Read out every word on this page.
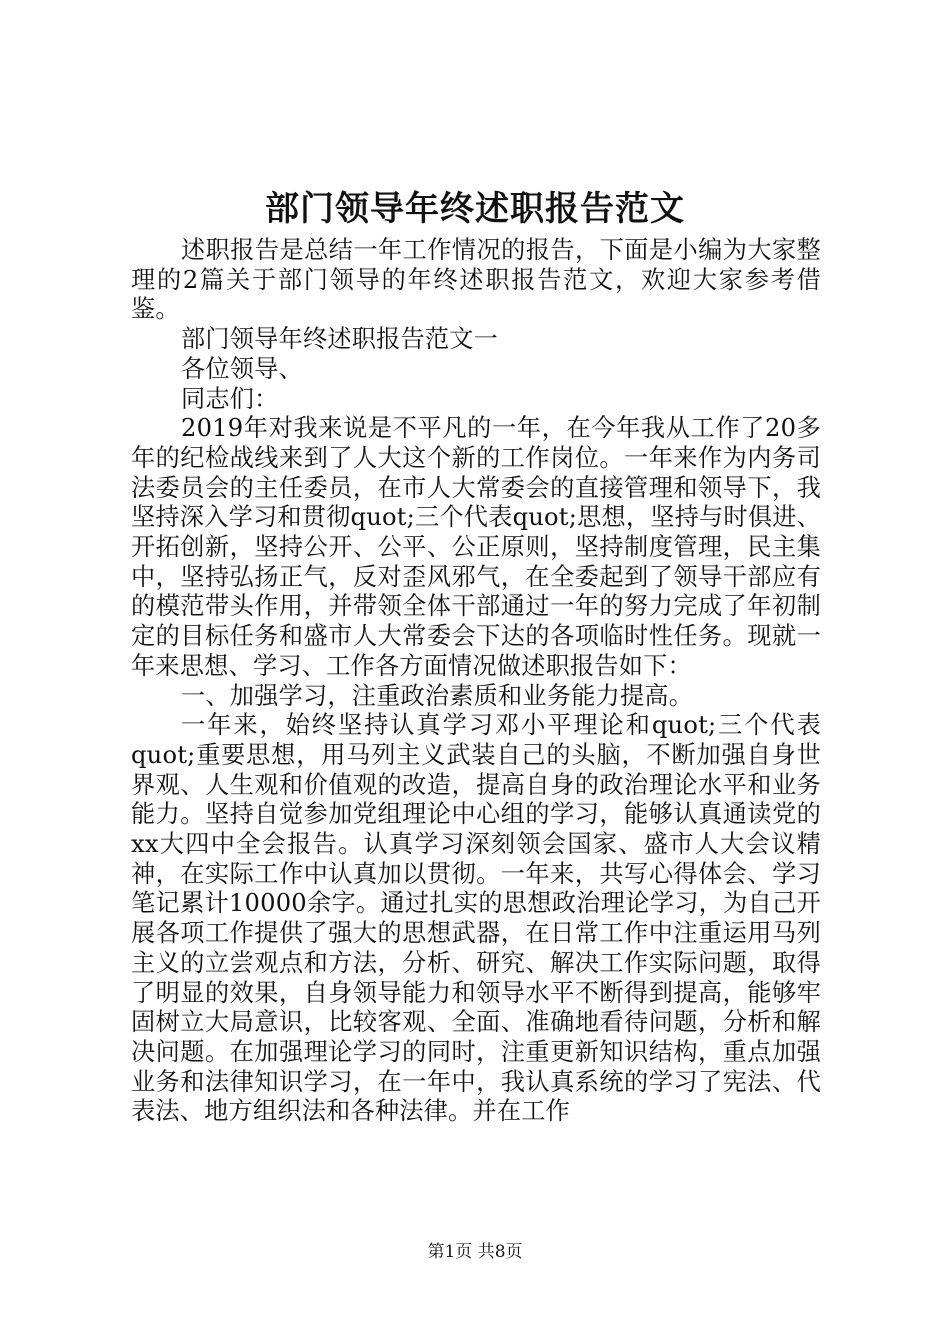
部门领导年终述职报告范文

述职报告是总结一年工作情况的报告，下面是小编为大家整理的2篇关于部门领导的年终述职报告范文，欢迎大家参考借鉴。

部门领导年终述职报告范文一

各位领导、

同志们：

2019年对我来说是不平凡的一年，在今年我从工作了20多年的纪检战线来到了人大这个新的工作岗位。一年来作为内务司法委员会的主任委员，在市人大常委会的直接管理和领导下，我坚持深入学习和贯彻quot;三个代表quot;思想，坚持与时俱进、开拓创新，坚持公开、公平、公正原则，坚持制度管理，民主集中，坚持弘扬正气，反对歪风邪气，在全委起到了领导干部应有的模范带头作用，并带领全体干部通过一年的努力完成了年初制定的目标任务和盛市人大常委会下达的各项临时性任务。现就一年来思想、学习、工作各方面情况做述职报告如下：

一、加强学习，注重政治素质和业务能力提高。

一年来，始终坚持认真学习邓小平理论和quot;三个代表quot;重要思想，用马列主义武装自己的头脑，不断加强自身世界观、人生观和价值观的改造，提高自身的政治理论水平和业务能力。坚持自觉参加党组理论中心组的学习，能够认真通读党的xx大四中全会报告。认真学习深刻领会国家、盛市人大会议精神，在实际工作中认真加以贯彻。一年来，共写心得体会、学习笔记累计10000余字。通过扎实的思想政治理论学习，为自己开展各项工作提供了强大的思想武器，在日常工作中注重运用马列主义的立尝观点和方法，分析、研究、解决工作实际问题，取得了明显的效果，自身领导能力和领导水平不断得到提高，能够牢固树立大局意识，比较客观、全面、准确地看待问题，分析和解决问题。在加强理论学习的同时，注重更新知识结构，重点加强业务和法律知识学习，在一年中，我认真系统的学习了宪法、代表法、地方组织法和各种法律。并在工作

第1页 共8页
